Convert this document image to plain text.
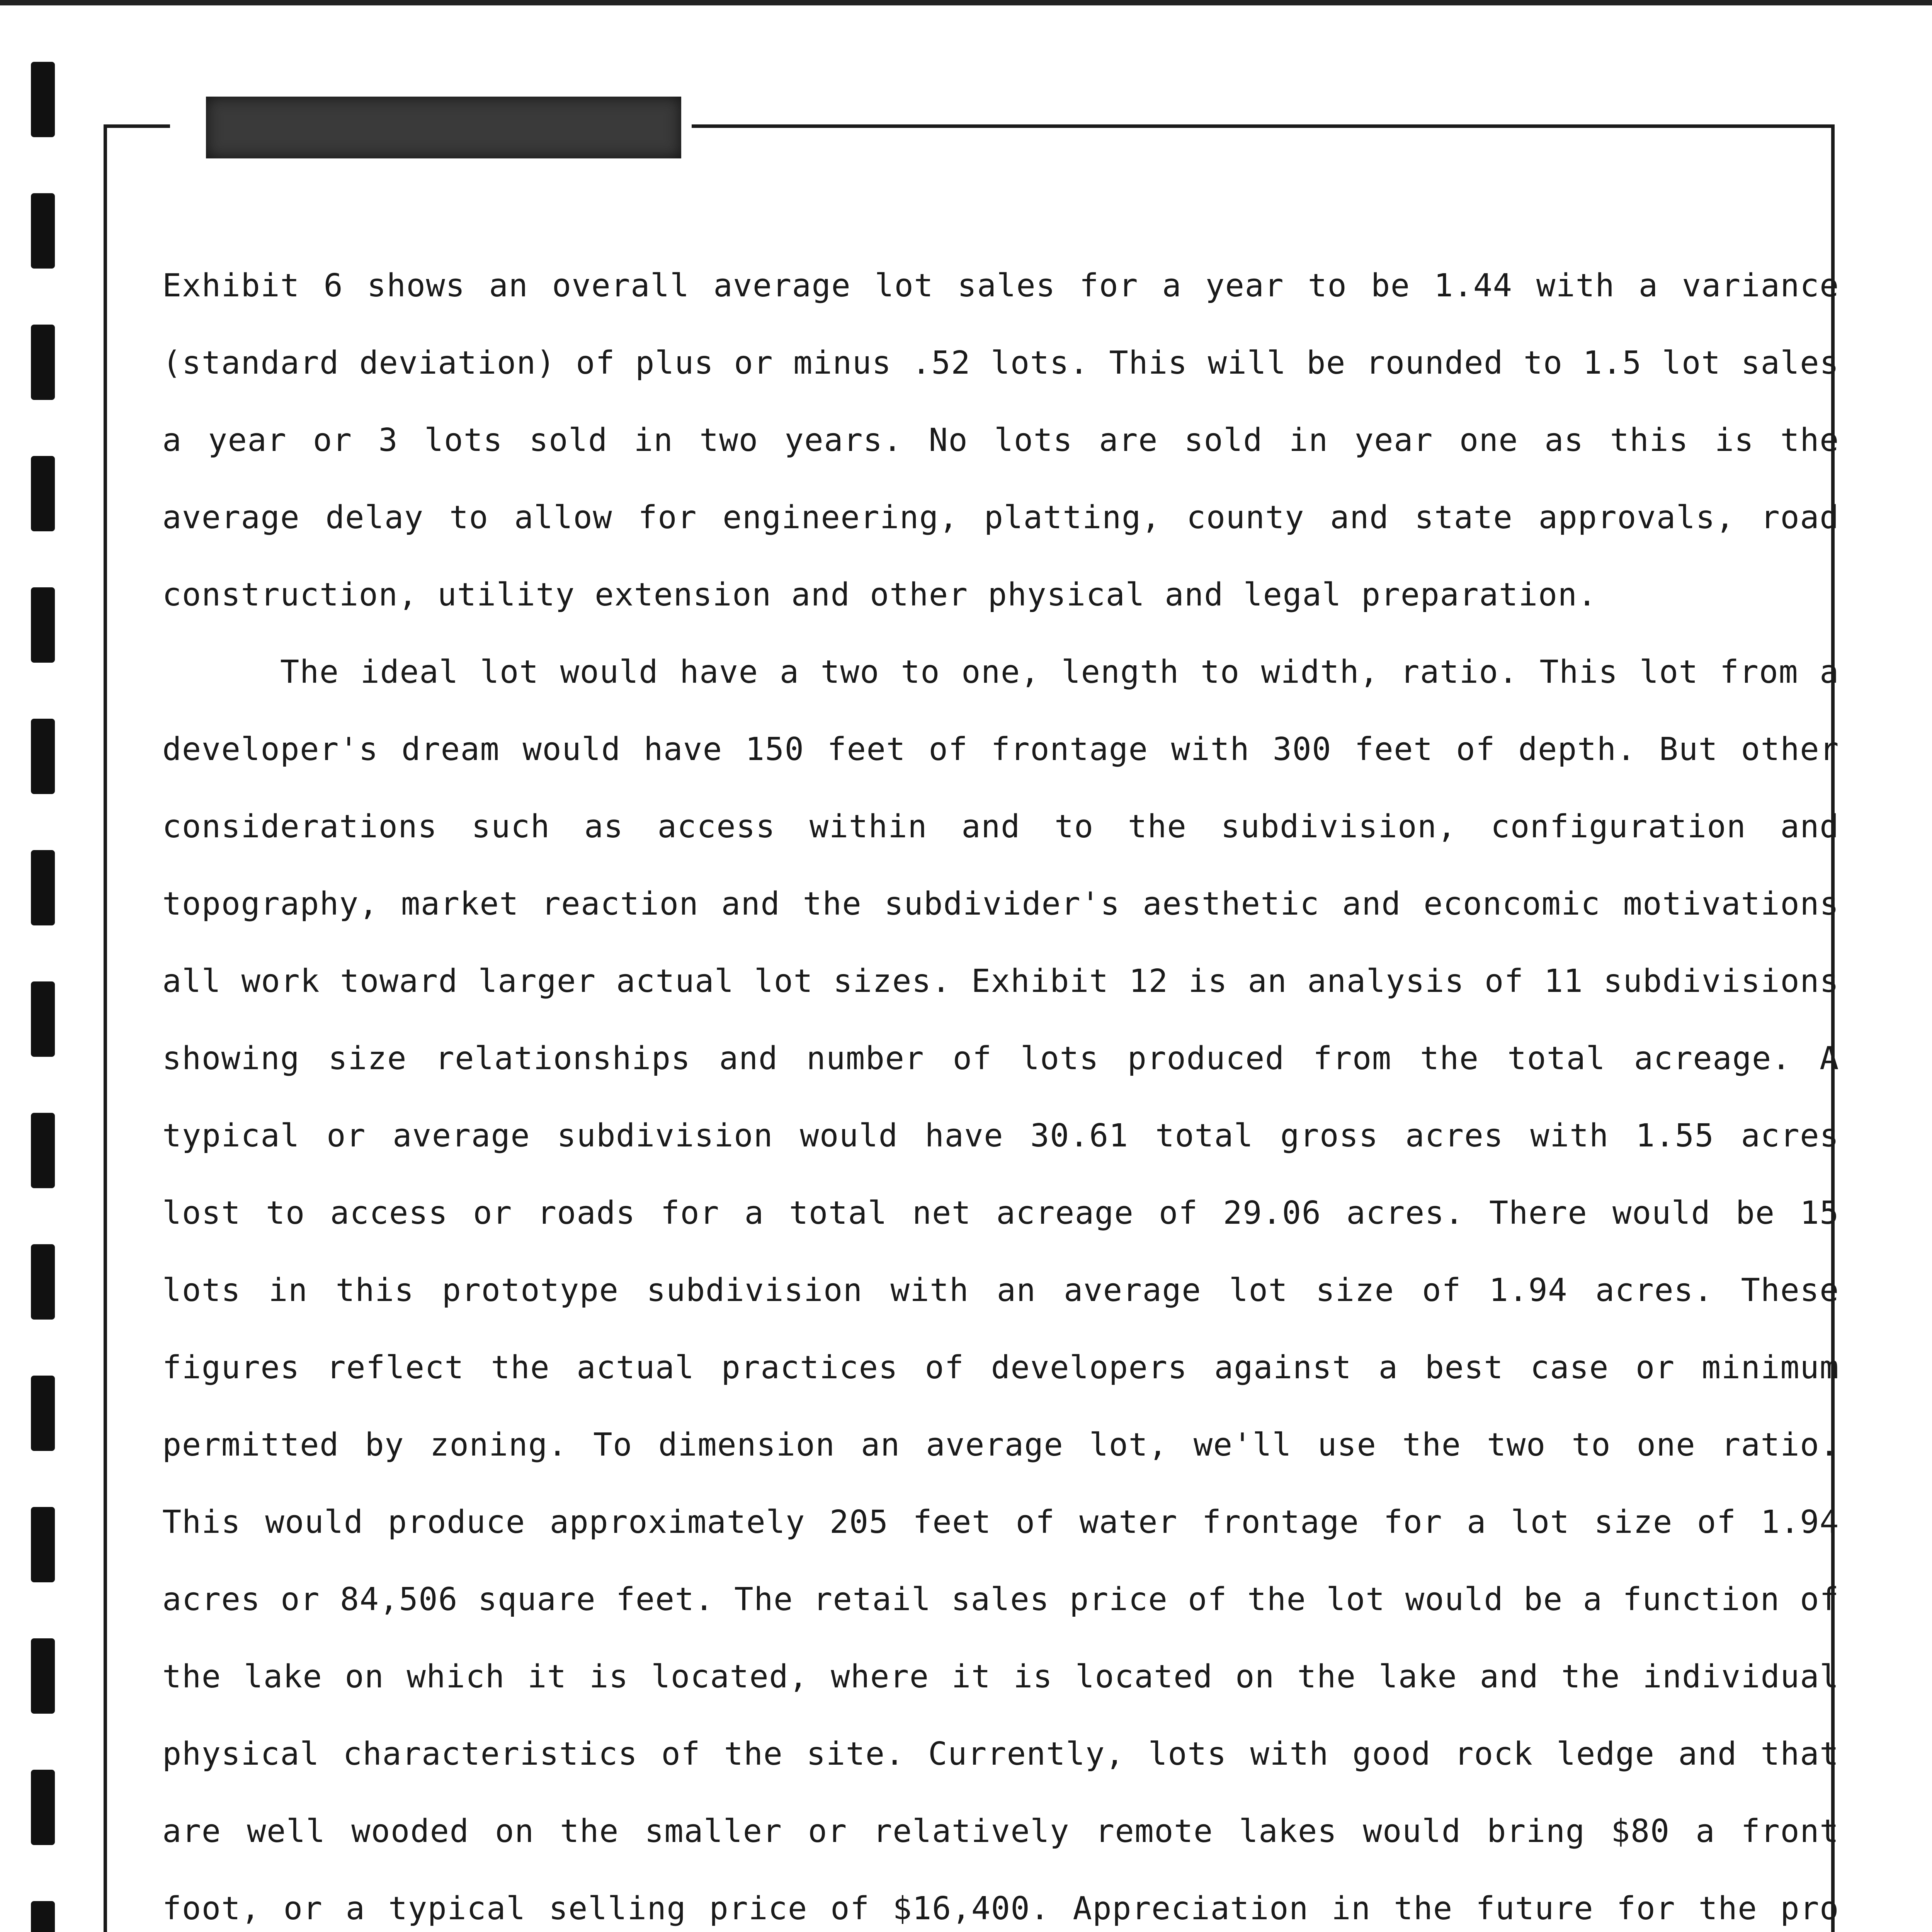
Exhibit 6 shows an overall average lot sales for a year to be 1.44 with a variance (standard deviation) of plus or minus .52 lots. This will be rounded to 1.5 lot sales a year or 3 lots sold in two years. No lots are sold in year one as this is the average delay to allow for engineering, platting, county and state approvals, road construction, utility extension and other physical and legal preparation.

The ideal lot would have a two to one, length to width, ratio. This lot from a developer's dream would have 150 feet of frontage with 300 feet of depth. But other considerations such as access within and to the subdivision, configuration and topography, market reaction and the subdivider's aesthetic and econcomic motivations all work toward larger actual lot sizes. Exhibit 12 is an analysis of 11 subdivisions showing size relationships and number of lots produced from the total acreage. A typical or average subdivision would have 30.61 total gross acres with 1.55 acres lost to access or roads for a total net acreage of 29.06 acres. There would be 15 lots in this prototype subdivision with an average lot size of 1.94 acres. These figures reflect the actual practices of developers against a best case or minimum permitted by zoning. To dimension an average lot, we'll use the two to one ratio. This would produce approximately 205 feet of water frontage for a lot size of 1.94 acres or 84,506 square feet. The retail sales price of the lot would be a function of the lake on which it is located, where it is located on the lake and the individual physical characteristics of the site. Currently, lots with good rock ledge and that are well wooded on the smaller or relatively remote lakes would bring $80 a front foot, or a typical selling price of $16,400. Appreciation in the future for the pro
